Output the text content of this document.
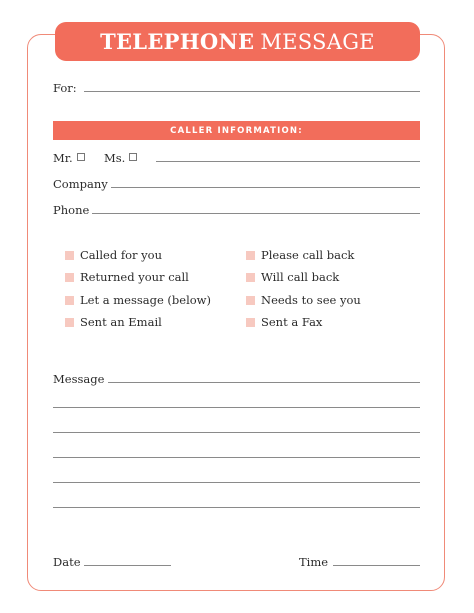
TELEPHONE MESSAGE
For:
CALLER INFORMATION:
Mr.	Ms.
Company
Phone
Called for you
Returned your call
Let a message (below)
Sent an Email
Please call back
Will call back
Needs to see you
Sent a Fax
Message
Date	Time
